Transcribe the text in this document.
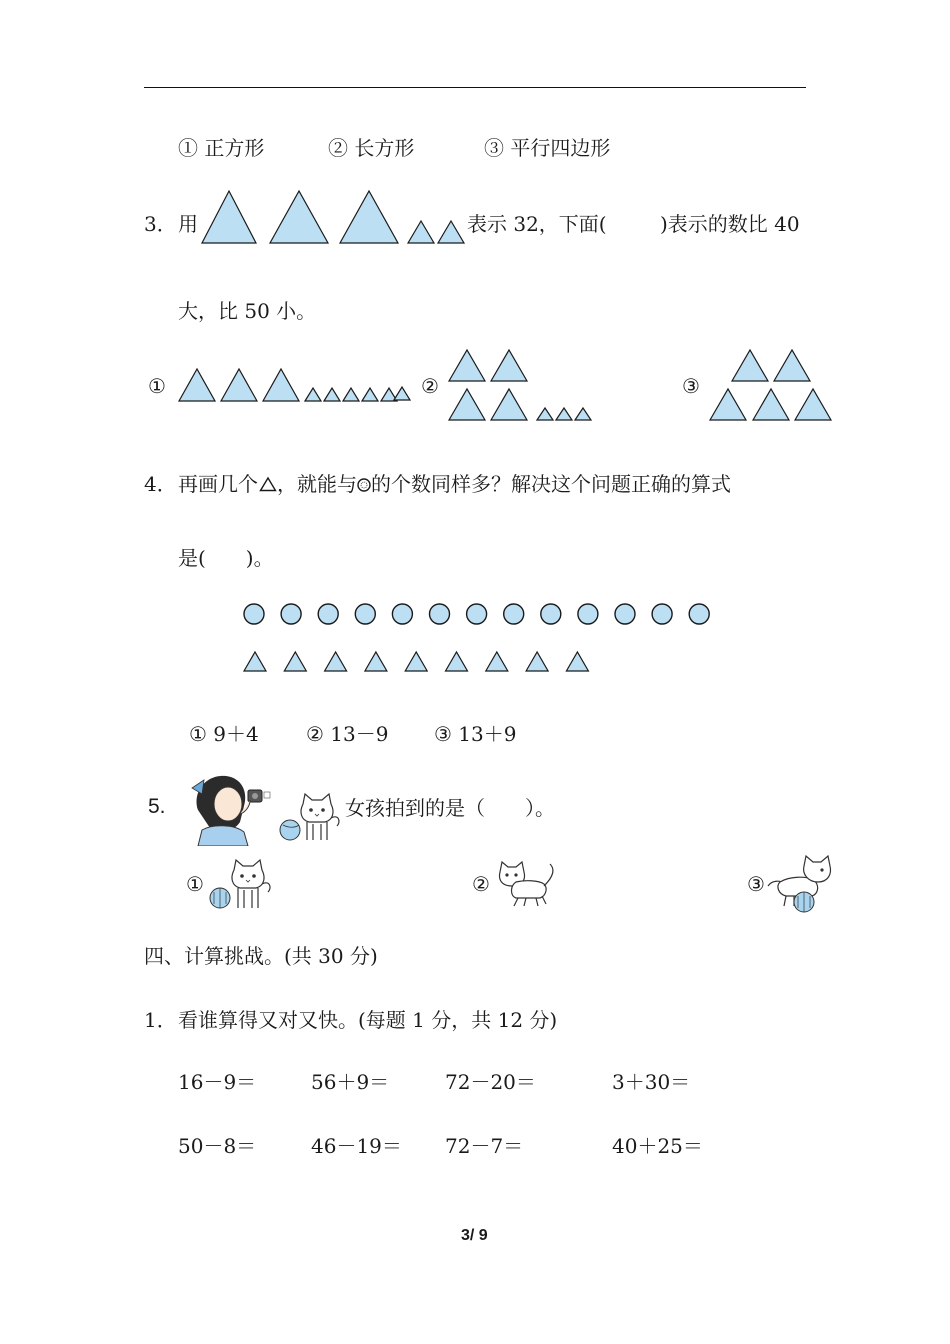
① 正方形	② 长方形	③ 平行四边形
3． 用	表示 32，下面(	)表示的数比 40
大，比 50 小。
①	②	③
4． 再画几个 ，就能与 的个数同样多？解决这个问题正确的算式
是(　　)。
① 9＋4 ② 13－9 ③ 13＋9
5.	女孩拍到的是（　　）。
①	②	③
四、计算挑战。(共 30 分)
1． 看谁算得又对又快。(每题 1 分，共 12 分)
16－9＝	56＋9＝	72－20＝	3＋30＝
50－8＝	46－19＝ 72－7＝	40＋25＝
3/ 9
